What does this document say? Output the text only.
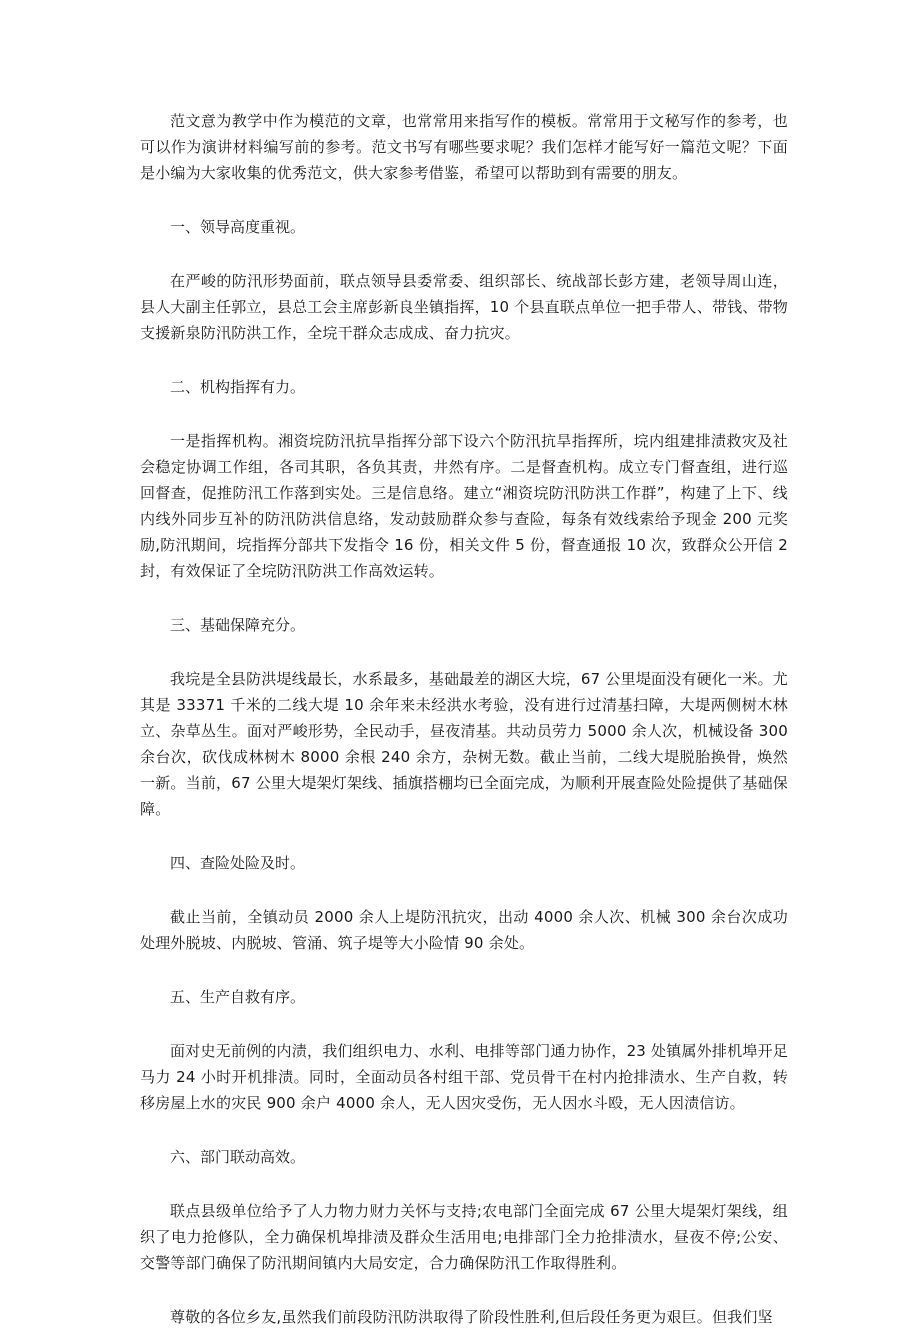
范文意为教学中作为模范的文章，也常常用来指写作的模板。常常用于文秘写作的参考，也可以作为演讲材料编写前的参考。范文书写有哪些要求呢？我们怎样才能写好一篇范文呢？下面是小编为大家收集的优秀范文，供大家参考借鉴，希望可以帮助到有需要的朋友。

一、领导高度重视。

在严峻的防汛形势面前，联点领导县委常委、组织部长、统战部长彭方建，老领导周山连，县人大副主任郭立，县总工会主席彭新良坐镇指挥，10 个县直联点单位一把手带人、带钱、带物支援新泉防汛防洪工作，全垸干群众志成成、奋力抗灾。

二、机构指挥有力。

一是指挥机构。湘资垸防汛抗旱指挥分部下设六个防汛抗旱指挥所，垸内组建排渍救灾及社会稳定协调工作组，各司其职，各负其责，井然有序。二是督查机构。成立专门督查组，进行巡回督查，促推防汛工作落到实处。三是信息络。建立“湘资垸防汛防洪工作群”，构建了上下、线内线外同步互补的防汛防洪信息络，发动鼓励群众参与查险，每条有效线索给予现金 200 元奖励,防汛期间，垸指挥分部共下发指令 16 份，相关文件 5 份，督查通报 10 次，致群众公开信 2 封，有效保证了全垸防汛防洪工作高效运转。

三、基础保障充分。

我垸是全县防洪堤线最长，水系最多，基础最差的湖区大垸，67 公里堤面没有硬化一米。尤其是 33371 千米的二线大堤 10 余年来未经洪水考验，没有进行过清基扫障，大堤两侧树木林立、杂草丛生。面对严峻形势，全民动手，昼夜清基。共动员劳力 5000 余人次，机械设备 300 余台次，砍伐成林树木 8000 余根 240 余方，杂树无数。截止当前，二线大堤脱胎换骨，焕然一新。当前，67 公里大堤架灯架线、插旗搭棚均已全面完成，为顺利开展查险处险提供了基础保障。

四、查险处险及时。

截止当前，全镇动员 2000 余人上堤防汛抗灾，出动 4000 余人次、机械 300 余台次成功处理外脱坡、内脱坡、管涌、筑子堤等大小险情 90 余处。

五、生产自救有序。

面对史无前例的内渍，我们组织电力、水利、电排等部门通力协作，23 处镇属外排机埠开足马力 24 小时开机排渍。同时，全面动员各村组干部、党员骨干在村内抢排渍水、生产自救，转移房屋上水的灾民 900 余户 4000 余人，无人因灾受伤，无人因水斗殴，无人因渍信访。

六、部门联动高效。

联点县级单位给予了人力物力财力关怀与支持;农电部门全面完成 67 公里大堤架灯架线，组织了电力抢修队，全力确保机埠排渍及群众生活用电;电排部门全力抢排渍水，昼夜不停;公安、交警等部门确保了防汛期间镇内大局安定，合力确保防汛工作取得胜利。

尊敬的各位乡友,虽然我们前段防汛防洪取得了阶段性胜利,但后段任务更为艰巨。但我们坚
